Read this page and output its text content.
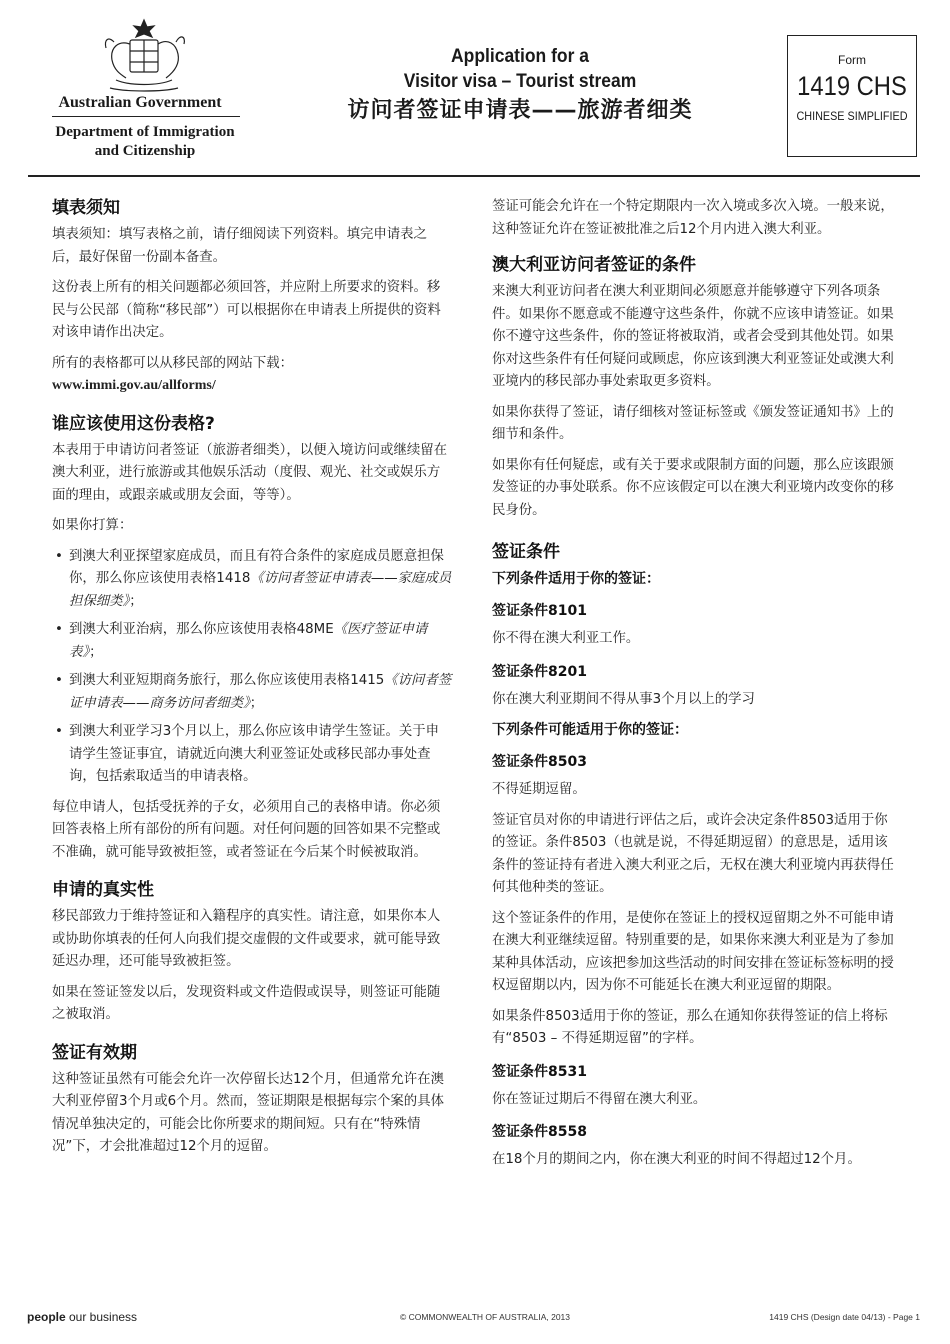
Australian Government
Department of Immigration
and Citizenship
Application for a
Visitor visa – Tourist stream
访问者签证申请表——旅游者细类
Form
1419 CHS
CHINESE SIMPLIFIED
填表须知
填表须知：填写表格之前，请仔细阅读下列资料。填完申请表之后，最好保留一份副本备查。
这份表上所有的相关问题都必须回答，并应附上所要求的资料。移民与公民部（简称“移民部”）可以根据你在申请表上所提供的资料对该申请作出决定。
所有的表格都可以从移民部的网站下载：
www.immi.gov.au/allforms/
谁应该使用这份表格?
本表用于申请访问者签证（旅游者细类），以便入境访问或继续留在澳大利亚，进行旅游或其他娱乐活动（度假、观光、社交或娱乐方面的理由，或跟亲戚或朋友会面，等等）。
如果你打算：
• 到澳大利亚探望家庭成员，而且有符合条件的家庭成员愿意担保你，那么你应该使用表格1418《访问者签证申请表——家庭成员担保细类》；
• 到澳大利亚治病，那么你应该使用表格48ME《医疗签证申请表》；
• 到澳大利亚短期商务旅行，那么你应该使用表格1415《访问者签证申请表——商务访问者细类》；
• 到澳大利亚学习3个月以上，那么你应该申请学生签证。关于申请学生签证事宜，请就近向澳大利亚签证处或移民部办事处查询，包括索取适当的申请表格。
每位申请人，包括受抚养的子女，必须用自己的表格申请。你必须回答表格上所有部份的所有问题。对任何问题的回答如果不完整或不准确，就可能导致被拒签，或者签证在今后某个时候被取消。
申请的真实性
移民部致力于维持签证和入籍程序的真实性。请注意，如果你本人或协助你填表的任何人向我们提交虚假的文件或要求，就可能导致延迟办理，还可能导致被拒签。
如果在签证签发以后，发现资料或文件造假或误导，则签证可能随之被取消。
签证有效期
这种签证虽然有可能会允许一次停留长达12个月，但通常允许在澳大利亚停留3个月或6个月。然而，签证期限是根据每宗个案的具体情况单独决定的，可能会比你所要求的期间短。只有在“特殊情况”下，才会批准超过12个月的逗留。
签证可能会允许在一个特定期限内一次入境或多次入境。一般来说，这种签证允许在签证被批准之后12个月内进入澳大利亚。
澳大利亚访问者签证的条件
来澳大利亚访问者在澳大利亚期间必须愿意并能够遵守下列各项条件。如果你不愿意或不能遵守这些条件，你就不应该申请签证。如果你不遵守这些条件，你的签证将被取消，或者会受到其他处罚。如果你对这些条件有任何疑问或顾虑，你应该到澳大利亚签证处或澳大利亚境内的移民部办事处索取更多资料。
如果你获得了签证，请仔细核对签证标签或《颁发签证通知书》上的细节和条件。
如果你有任何疑虑，或有关于要求或限制方面的问题，那么应该跟颁发签证的办事处联系。你不应该假定可以在澳大利亚境内改变你的移民身份。
签证条件
下列条件适用于你的签证：
签证条件8101
你不得在澳大利亚工作。
签证条件8201
你在澳大利亚期间不得从事3个月以上的学习
下列条件可能适用于你的签证：
签证条件8503
不得延期逗留。
签证官员对你的申请进行评估之后，或许会决定条件8503适用于你的签证。条件8503（也就是说，不得延期逗留）的意思是，适用该条件的签证持有者进入澳大利亚之后，无权在澳大利亚境内再获得任何其他种类的签证。
这个签证条件的作用，是使你在签证上的授权逗留期之外不可能申请在澳大利亚继续逗留。特别重要的是，如果你来澳大利亚是为了参加某种具体活动，应该把参加这些活动的时间安排在签证标签标明的授权逗留期以内，因为你不可能延长在澳大利亚逗留的期限。
如果条件8503适用于你的签证，那么在通知你获得签证的信上将标有“8503 – 不得延期逗留”的字样。
签证条件8531
你在签证过期后不得留在澳大利亚。
签证条件8558
在18个月的期间之内，你在澳大利亚的时间不得超过12个月。
people our business	© COMMONWEALTH OF AUSTRALIA, 2013	1419 CHS (Design date 04/13) - Page 1
